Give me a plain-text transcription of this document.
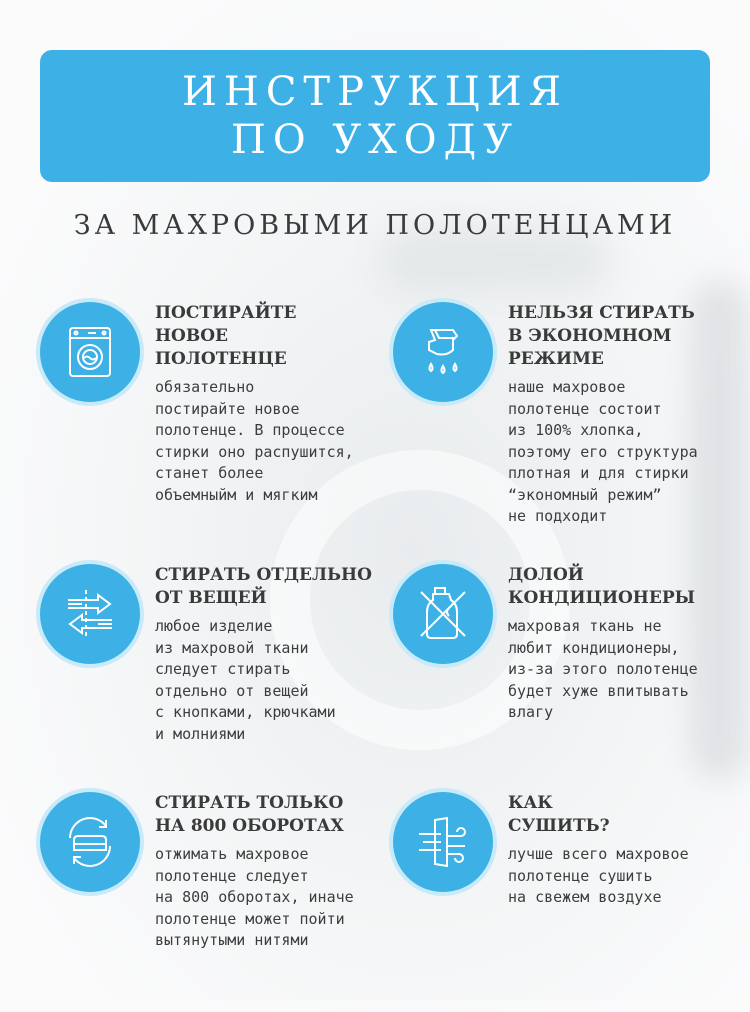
ИНСТРУКЦИЯ
ПО УХОДУ
ЗА МАХРОВЫМИ ПОЛОТЕНЦАМИ
ПОСТИРАЙТЕ
НОВОЕ
ПОЛОТЕНЦЕ
обязательно
постирайте новое
полотенце. В процессе
стирки оно распушится,
станет более
объемныйм и мягким
НЕЛЬЗЯ СТИРАТЬ
В ЭКОНОМНОМ
РЕЖИМЕ
наше махровое
полотенце состоит
из 100% хлопка,
поэтому его структура
плотная и для стирки
“экономный режим”
не подходит
СТИРАТЬ ОТДЕЛЬНО
ОТ ВЕЩЕЙ
любое изделие
из махровой ткани
следует стирать
отдельно от вещей
с кнопками, крючками
и молниями
ДОЛОЙ
КОНДИЦИОНЕРЫ
махровая ткань не
любит кондиционеры,
из-за этого полотенце
будет хуже впитывать
влагу
СТИРАТЬ ТОЛЬКО
НА 800 ОБОРОТАХ
отжимать махровое
полотенце следует
на 800 оборотах, иначе
полотенце может пойти
вытянутыми нитями
КАК
СУШИТЬ?
лучше всего махровое
полотенце сушить
на свежем воздухе
